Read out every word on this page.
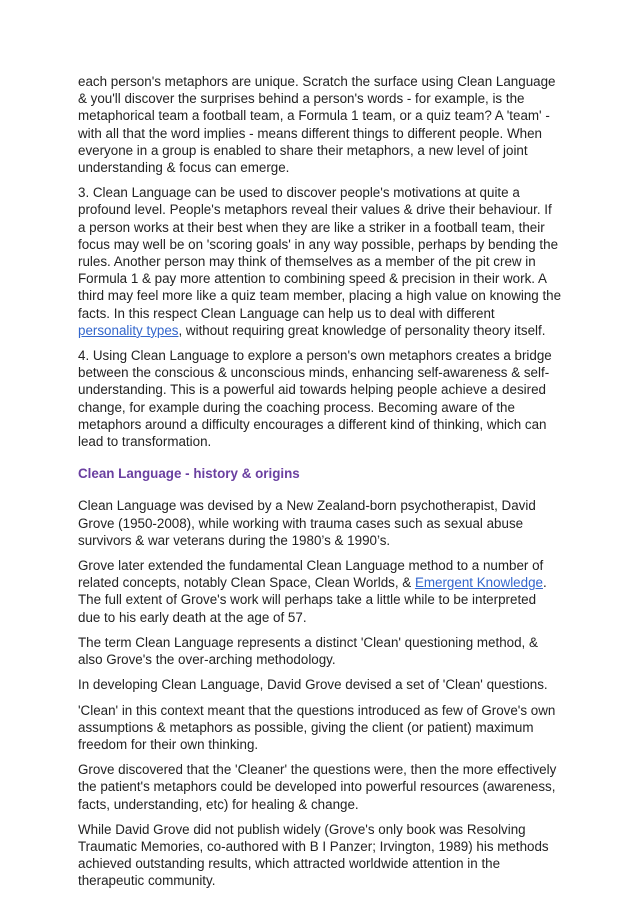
each person's metaphors are unique. Scratch the surface using Clean Language & you'll discover the surprises behind a person's words - for example, is the metaphorical team a football team, a Formula 1 team, or a quiz team? A 'team' - with all that the word implies - means different things to different people. When everyone in a group is enabled to share their metaphors, a new level of joint understanding & focus can emerge.

3. Clean Language can be used to discover people's motivations at quite a profound level. People's metaphors reveal their values & drive their behaviour. If a person works at their best when they are like a striker in a football team, their focus may well be on 'scoring goals' in any way possible, perhaps by bending the rules. Another person may think of themselves as a member of the pit crew in Formula 1 & pay more attention to combining speed & precision in their work. A third may feel more like a quiz team member, placing a high value on knowing the facts. In this respect Clean Language can help us to deal with different personality types, without requiring great knowledge of personality theory itself.

4. Using Clean Language to explore a person's own metaphors creates a bridge between the conscious & unconscious minds, enhancing self-awareness & self-understanding. This is a powerful aid towards helping people achieve a desired change, for example during the coaching process. Becoming aware of the metaphors around a difficulty encourages a different kind of thinking, which can lead to transformation.

Clean Language - history & origins

Clean Language was devised by a New Zealand-born psychotherapist, David Grove (1950-2008), while working with trauma cases such as sexual abuse survivors & war veterans during the 1980’s & 1990’s.

Grove later extended the fundamental Clean Language method to a number of related concepts, notably Clean Space, Clean Worlds, & Emergent Knowledge. The full extent of Grove's work will perhaps take a little while to be interpreted due to his early death at the age of 57.

The term Clean Language represents a distinct 'Clean' questioning method, & also Grove's the over-arching methodology.

In developing Clean Language, David Grove devised a set of 'Clean' questions.

'Clean' in this context meant that the questions introduced as few of Grove's own assumptions & metaphors as possible, giving the client (or patient) maximum freedom for their own thinking.

Grove discovered that the 'Cleaner' the questions were, then the more effectively the patient's metaphors could be developed into powerful resources (awareness, facts, understanding, etc) for healing & change.

While David Grove did not publish widely (Grove's only book was Resolving Traumatic Memories, co-authored with B I Panzer; Irvington, 1989) his methods achieved outstanding results, which attracted worldwide attention in the therapeutic community.
